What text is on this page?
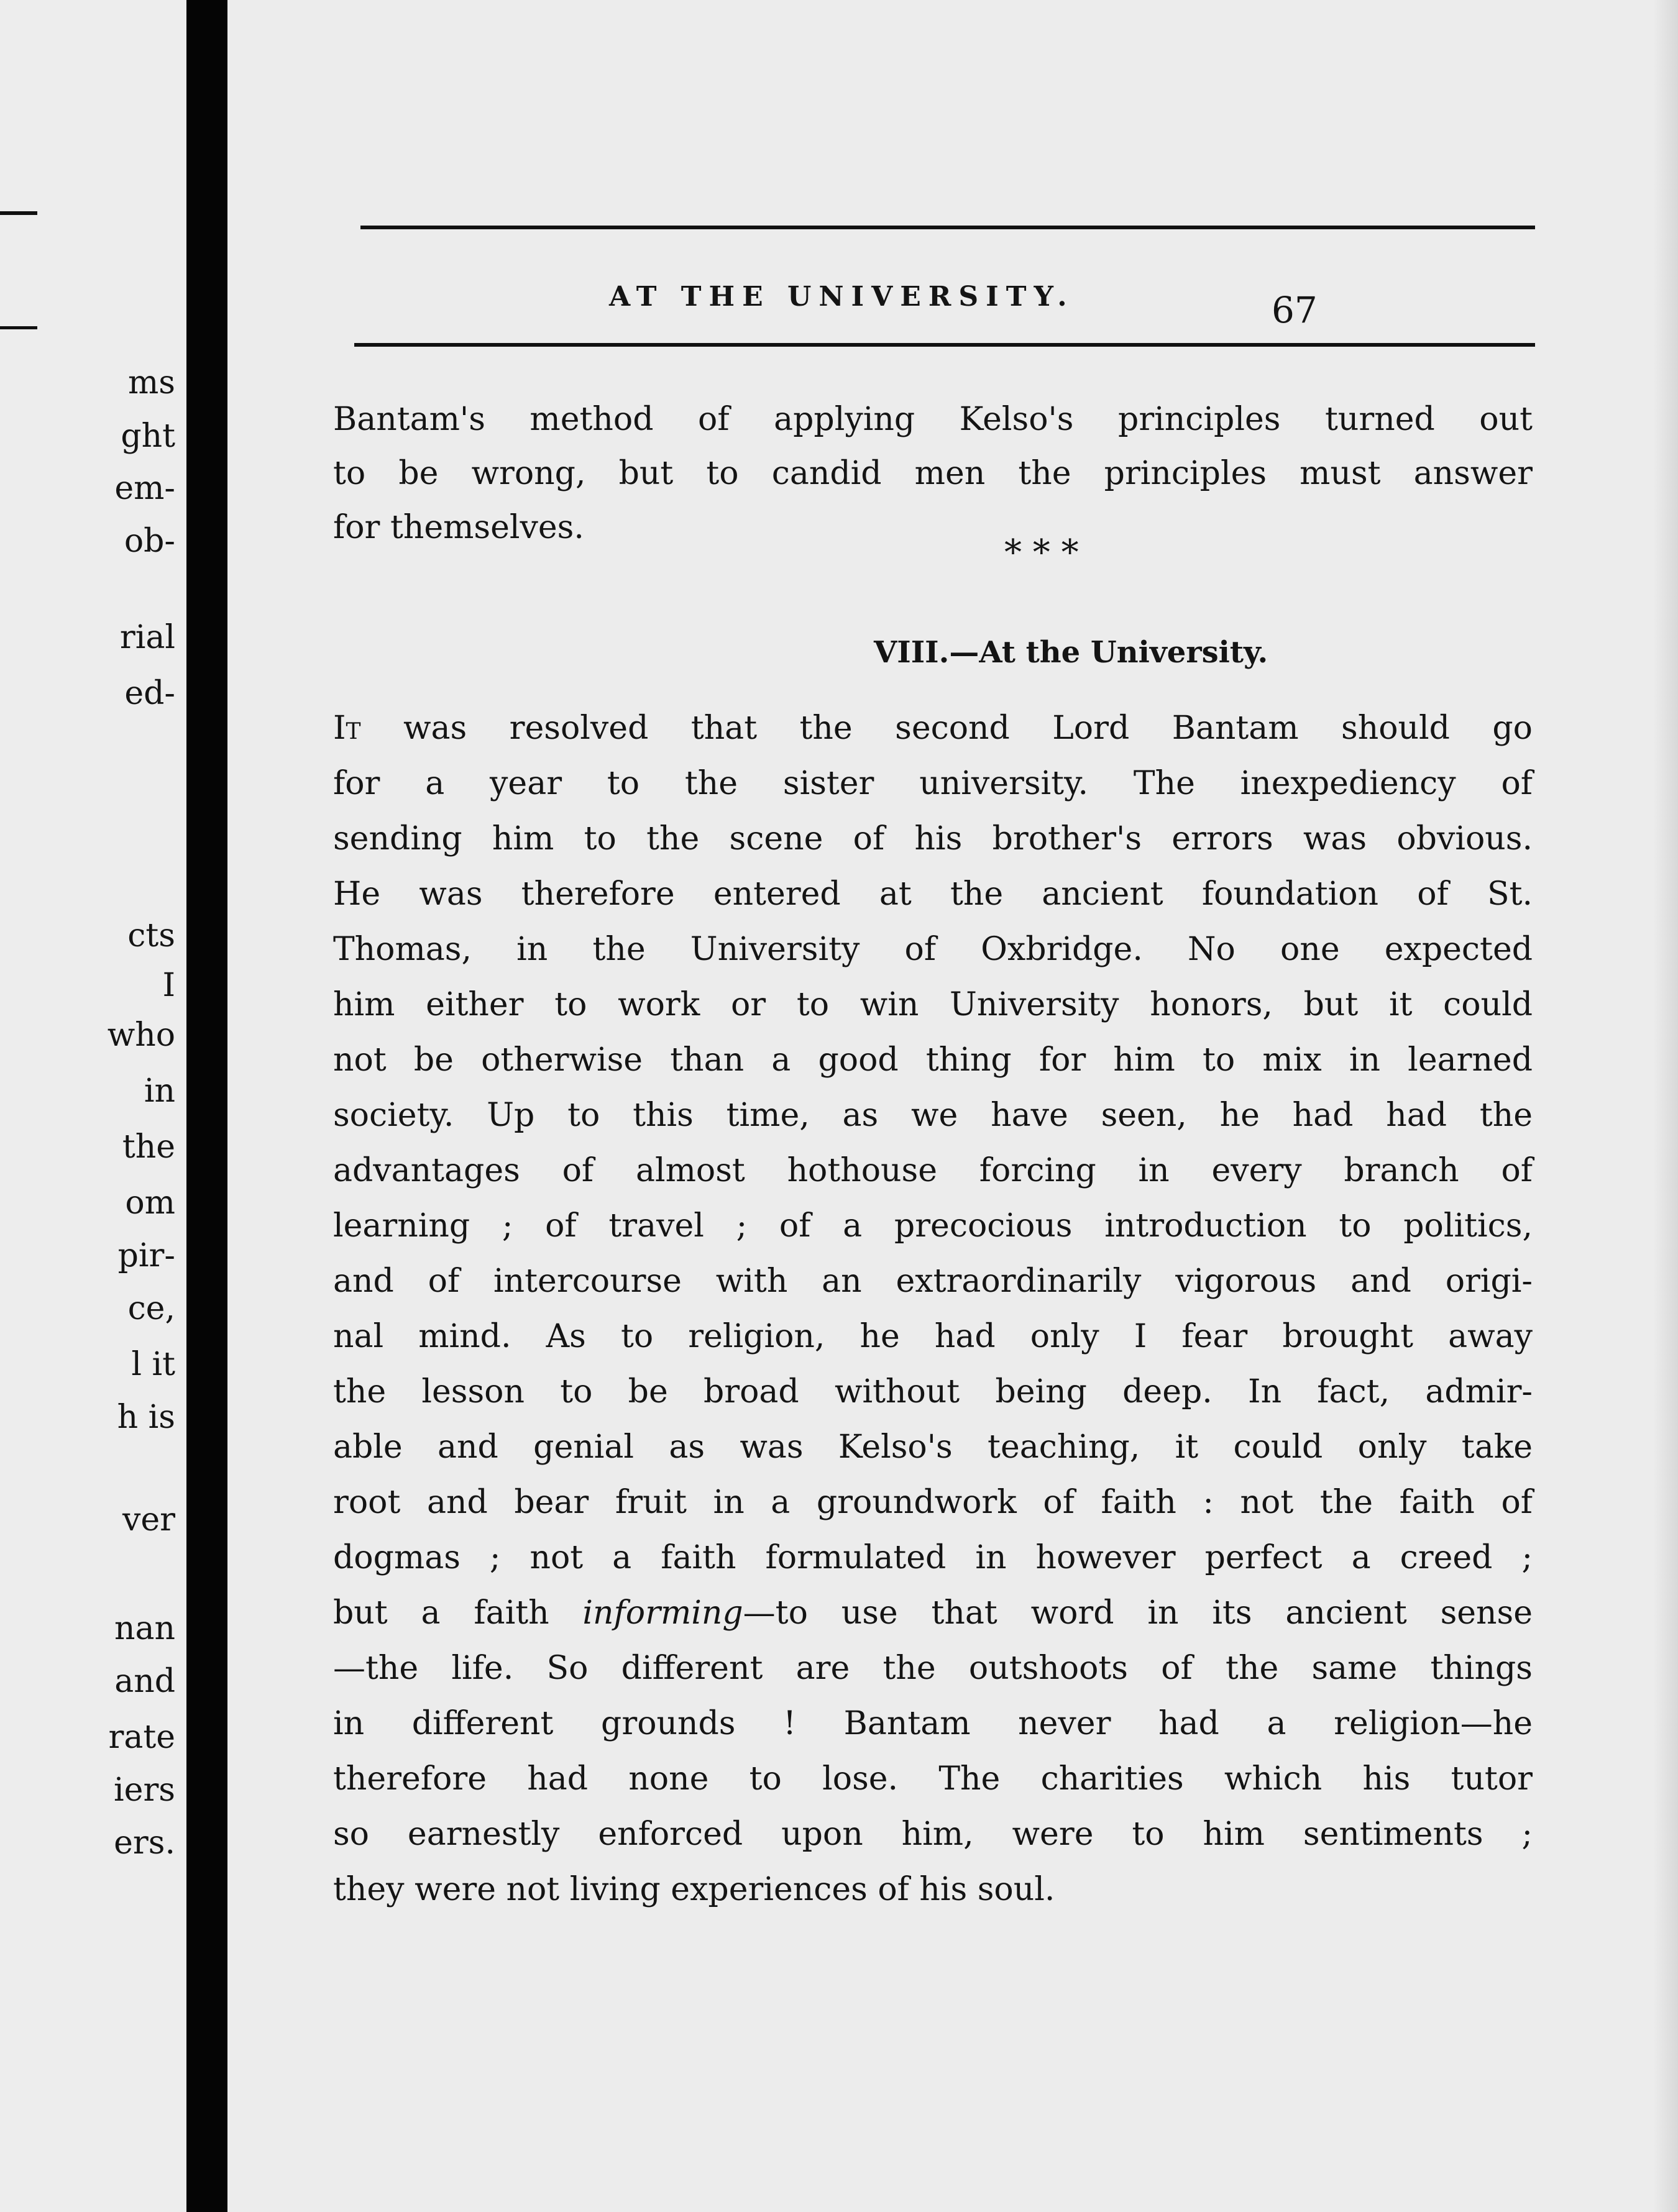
ms
ght
em-
ob-
rial
ed-
cts
I
who
in
the
om
pir-
ce,
l it
h is
ver
nan
and
rate
iers
ers.
AT THE UNIVERSITY.	67
Bantam's method of applying Kelso's principles turned out
to be wrong, but to candid men the principles must answer
for themselves.
* * *
VIII.—At the University.
It was resolved that the second Lord Bantam should go
for a year to the sister university. The inexpediency of
sending him to the scene of his brother's errors was obvious.
He was therefore entered at the ancient foundation of St.
Thomas, in the University of Oxbridge. No one expected
him either to work or to win University honors, but it could
not be otherwise than a good thing for him to mix in learned
society. Up to this time, as we have seen, he had had the
advantages of almost hothouse forcing in every branch of
learning ; of travel ; of a precocious introduction to politics,
and of intercourse with an extraordinarily vigorous and origi-
nal mind. As to religion, he had only I fear brought away
the lesson to be broad without being deep. In fact, admir-
able and genial as was Kelso's teaching, it could only take
root and bear fruit in a groundwork of faith : not the faith of
dogmas ; not a faith formulated in however perfect a creed ;
but a faith informing—to use that word in its ancient sense
—the life. So different are the outshoots of the same things
in different grounds ! Bantam never had a religion—he
therefore had none to lose. The charities which his tutor
so earnestly enforced upon him, were to him sentiments ;
they were not living experiences of his soul.
